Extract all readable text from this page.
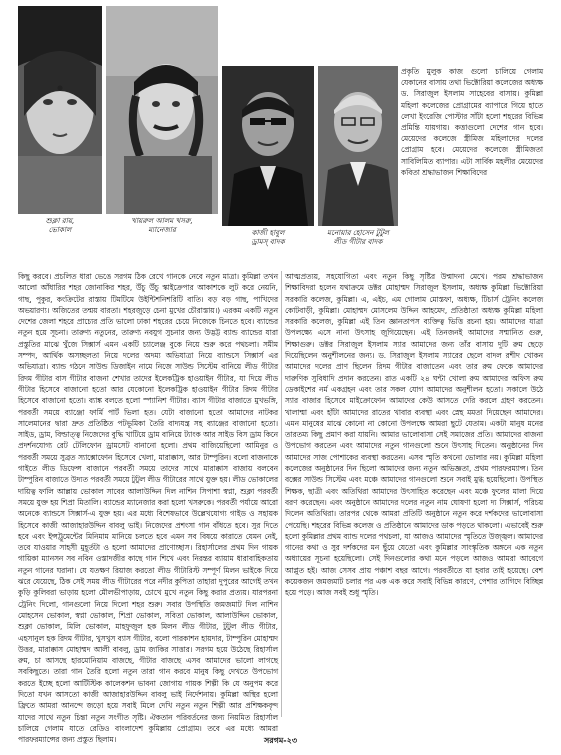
শুক্লা রায়,
ভোকাল
খায়রুল আলম খসরু,
ম্যানেজার	কাজী হাবুল
ড্রামস্ বাদক
মনোয়ার হোসেন টুটুল
লীড গীটার বাদক

প্রকৃতি মুলুক কাজ গুলো চালিয়ে গেলাম যেকানের বাসায় তথা ভিক্টোরিয়া কলেজের অধ্যক্ষ ড. সিরাজুল ইসলাম সাহেবের বাসায়। কুমিল্লা মহিলা কলেজের প্রোগ্রামের ব্যাপারে গিয়ে হাতে লেখা ইংরেজি পোস্টার সাঁটা হলো শহরের বিভিন্ন প্রমিন্তি যায়গায়। কত্তাগুলো দেশের গান হবে। মেয়েদের কলেজে স্ত্রীমিজ মহিলাদের দলের প্রোগ্রাম হবে। মেয়েদের কলেজে স্ত্রীমিজতা সাবিলিমিত ব্যাপার। এটা সার্বিক মহলীর মেয়েদের কবিতা শ্রদ্ধাভাজন শিক্ষাবিদের

কিছু করবে। প্রচলিত ধারা ভেঙে সরগম ঠিক রেখে গানকে নেবে নতুন মাত্রা। কুমিল্লা তখন আলো আঁধারির শহর জোনাকির শহর, উঁচু উঁচু স্কাইক্রেপার আকাশকে লুট করে নেয়নি, গাছ, পুকুর, কংক্রিটের রাস্তায় টিমটিমে উইন্টিশনিশরিটি বাতি। বড় বড় গাছ, পাখিদের অভয়ারণ্য। অজিতের তন্ময় বারতা। শহরজুড়ে চেনা মুখের চৌরাস্তায়।) এরকম একটি নতুন দেশের জেলা শহরে প্রাচ্যের প্রতি ভালো ঢাকা শহরের চেয়ে নিজেকে চিনতে হবে। ব্যান্ডের নতুন হয়ে সূচনা। তারুণ্য নতুনের, তারুণ্য নবযুগ সুচনার জন্য উদ্ভট্ট ব্যান্ড ব্যান্ডের যারা প্রস্তুতির মাঝে খুঁজে সিক্সার্স এমন একটি চ্যালেঞ্জ বুকে নিয়ে শুরু করে পথচলা। সমীম সম্পদ, আর্থিক অসচ্ছলতা নিয়ে দলের অদম্য অভিযাত্রা নিয়ে ব্যান্ডসে সিক্সার্স এর অভিযাত্রা। ব্যান্ড গঠনে সাউন্ড ডিজাইন নামে নিজে সাউন্ড সিস্টেম বানিয়ে লীড গীটার রিদম গীটার বাস গীটার বাজনা শেখার তাদের ইলেকট্রিক হাওয়াইন গীটার, যা দিয়ে লীড গীটার হিসেবে বাজানো হতো আর যেকোনো ইলেকট্রিক হাওয়াইন গীটার রিদম গীটার হিসেবে বাজানো হতো। ব্যাঙ্ক বলতে হলো স্প্যানিশ গীটার। ব্যাস গীটার বাজাতে মুখভঙ্গি, পরবর্তী সময়ে ব্যাঞ্জো ফার্মি পার্ট ভিলা হত। যেটা বাজানো হতো আমাদের নাটকর সালেমানের দ্বারা দ্রুত প্রতিষ্ঠিত পটভূমিকা তৈরি বাদ্যযন্ত্র সহ ব্যাঞ্জের বাজানো হতো। সাইড, ড্রাম, বিল্ডাত্ত্ব নিজেদের বুদ্ধি খাটিয়ে ড্রাম বানিয়ে ট্যাংক আর সাইড বিস ড্রাম কিনে প্রদর্শনযোগ্য রেট টেলিফোন ড্রামসেট বানানো হলো। প্রথম বাজিয়েছিলো আমিনুর ও পরবর্তী সময়ে সুব্রত স্যাক্সোফোন হিসেবে খেলা, মারাক্কাস, আর টাম্পুরিন। বলো বাজনাকে গাইতে লীড ডিফেন্স বাজানে পরবর্তী সময়ে তাদের সাথে মারাক্কাস বাজায় বলবেন টাম্পুরিন বাজাতে উদ্যত পরবর্তী সময়ে টুটুল লীড গীটারের সাথে যুক্ত হয়। লীড ভোকালের দায়িত্ব ফালি আল্লায় ভোকাল সাবের আলাউদ্দিন দিল নাশিন সিপাশা স্বপ্না, শুক্লা পরবর্তী সময়ে যুক্ত হয় শিপ্রা মিতালি। ব্যান্ডের ম্যানেজার করা হলো খসরুকে। পরবর্তী পর্যায়ে আরো অনেকে ব্যান্ডসে সিক্সার্স-এ যুক্ত হয়। এর মধ্যে বিশেষভাবে উল্লেখযোগ্য গাইড ও সহায়ক হিসেবে কাজী আজাহারউদ্দিন বাবলু ভাই। নিজেদের প্রশংসা গান বাঁধতে হবে। সুর দিতে হবে এবং ইন্সট্রুমেন্টের মিনিমাম মানিয়ে চলতে হবে এমন সব বিষয়ে কারাতে যেমন নেই, তবে যাওয়ার সাহসী মুহূর্তটা ও হলো আমাদের প্রাণোচ্ছাস। রিহার্সালের প্রথম দিন গায়ক গায়িকা ম্যানসন সব নবিন ওস্তাদজীর কাছে গান শিখে এবং নিরন্তর ব্যায়াম ধারাবাহিকতায় নতুন গানের ঘরানা। যে যতক্ষণ রিয়াজ করতো লীড গীটারিস্ট সম্পূর্ণ মিলন ভাইকে দিয়ে ঝরে যেয়েছে, ঠিক সেই সময় লীড গীটারের পরে নদীর কুপিতা তাহারা দুপুরের আগেই তখন কুড়ি কুলিবরা ভাড়ায় হলো মৌলভীপাড়ায়, চোখে মুখে নতুন কিছু করার প্রত্যয়। যারপরনা ট্রেনিং দিলো, গানগুলো নিয়ে দিলো শহর শুরু। সবার উপস্থিতি জমজমাট দিল নাশিন মোহসেন ভোকাল, স্বপ্না ভোকাল, শিপ্রা ভোকাল, সবিতা ভোকাল, আলাউদ্দিন ভোকাল, শুক্লা ভোকাল, মিলি ভোকাল, মাহফুজুল হক মিলন লীড গীটার, টুটুল লীড গীটার, এহসানুল হক রিদম গীটার, খুসখুস ব্যাস গীটার, বলো পারকাশন হায়দার, টাম্পুরিন মোহাম্মদ উত্তর, মারাক্কাস মোহাম্মদ আলী বাবলু, ড্রাম জাকির সাত্তার। সরগম হয়ে উঠেছে রিহার্সাল রুম, চা আসছে হারমোনিয়াম বাজছে, গীটার বাজছে এসব আমাদের ভালো লাগছে সবকিছুতে। তারা গান তৈরি হলো নতুন তারা গান করবে মানুষ কিছু দেখতে উপভোগ করতে ইচ্ছে হলো আর্টিস্টিক কালেকশন ভাবনা জোগায় গায়ক শিল্পী কি যে অনুপম করে দিতো যখন আসতো কাজী আজাহারউদ্দিন বাবলু ভাই নির্দেশনায়। কুমিল্লা অস্থির হলো ফ্রিতে আমরা আনন্দে জড়ো হয়ে সবাই মিলে দেখি নতুন নতুন শিল্পী আর প্রশিক্ষকবৃন্দ যাদের সাথে নতুন চিন্তা নতুন সংগীত সৃষ্টি। ঐকতান পরিবর্তনের জন্য নিয়মিত রিহার্সাল চালিয়ে গেলাম যাতে রেডিও বাংলাদেশ কুমিল্লায় প্রোগ্রাম। তবে এর মধ্যে আমরা পারফরম্যান্সের জন্য প্রস্তুত ছিলাম।

আত্মপ্রত্যয়, সহযোগিতা এবং নতুন কিছু সৃষ্টির উন্মাদনা মেখে। পরম শ্রদ্ধাভাজন শিক্ষাবিদরা হলেন যথাক্রমে ডক্টর মোহাম্মদ সিরাজুল ইসলাম, অধ্যক্ষ কুমিল্লা ভিক্টোরিয়া সরকারি কলেজ, কুমিল্লা। এ, এইচ, এম গোলাম মোস্তফা, অধ্যক্ষ, টিচার্স ট্রেনিং কলেজ কোটবাড়ী, কুমিল্লা। মোহাম্মদ মোসলেম উদ্দিন আহমেদ, প্রতিষ্ঠাতা অধ্যক্ষ কুমিল্লা মহিলা সরকারি কলেজ, কুমিল্লা এই তিন জ্ঞানতাপস ব্যক্তিত্ব ভিত্তি রচনা হয়। আমাদের যাত্রা উপলক্ষ্যে এসে নানা উৎসাহ জুগিয়েছেন। এই তিনজনই আমাদের সম্মানিত গুরু, শিক্ষাগুরু। ডক্টর সিরাজুল ইসলাম স্যার আমাদের জন্য তাঁর বাসায় দুটি রুম ছেড়ে দিয়েছিলেন অনুশীলনের জন্য। ড. সিরাজুল ইসলাম স্যারের ছেলে বাদল রশীদ খোকন আমাদের দলের প্রাণ ছিলেন রিদম গীটার বাজাতেন এবং তার রুম ফেকে আমাদের দারুণিক সুবিধাদি প্রদান করতেন। রাত একটি ২৪ ঘন্টা খোলা রুম আমাদের অফিস রুম ডেকাইশের নর্ম একগ্রহন এবং তার সকল যোগ আমাদের অনুশীলন হতো। সকালে উঠে স্যার বাজার হিসেবে মাইক্রোফোন আমাদের কেউ আসতে দেরি করলে গ্রহণ করতেন। খালাম্মা এবং হাঁটা আমাদের রাতের খাবার ব্যবস্থা এবং স্নেহ মমতা দিয়েছেন আমাদের। এমন মানুষের মাঝে কোনো না কোনো উপলক্ষে আমরা ছুটে যেতাম। একটা মানুষ মনের তারতম্য কিছু প্রমাণ করা যায়নি। আমার ভালোবাসা সেই সমাজের প্রতি। আমাদের বাজনা উপভোগ করতেন এবং আমাদের নতুন গানগুলো শুনে উৎসাহ দিতেন। অনুষ্ঠানের দিন আমাদের সাজ পোশাকের ব্যবস্থা করতেন। এসব স্মৃতি কখনো ভোলার নয়। কুমিল্লা মহিলা কলেজের অনুষ্ঠানের দিন ছিলো আমাদের জন্য নতুন অভিজ্ঞতা, প্রথম পারফরম্যান্স। তিন বক্সের সাউন্ড সিস্টেম এবং মঞ্চে আমাদের গানগুলো শুনে সবাই মুগ্ধ হয়েছিলো। উপস্থিত শিক্ষক, ছাত্রী এবং অতিথিরা আমাদের উৎসাহিত করেছেন এবং মঞ্চে ফুলের মালা দিয়ে বরণ করেছেন। এবং অনুষ্ঠানে আমাদের দলের নতুন নাম ঘোষণা হলো দ্য সিক্সার্স, পরিচয় দিলেন অতিথিরা। তারপর থেকে আমরা প্রতিটি অনুষ্ঠানে নতুন করে দর্শকদের ভালোবাসা পেয়েছি। শহরের বিভিন্ন কলেজ ও প্রতিষ্ঠানে আমাদের ডাক পড়তে থাকলো। এভাবেই শুরু হলো কুমিল্লার প্রথম ব্যান্ড দলের পথচলা, যা আজও আমাদের স্মৃতিতে উজ্জ্বল। আমাদের গানের কথা ও সুর দর্শকদের মন ছুঁয়ে যেতো এবং কুমিল্লার সাংস্কৃতিক অঙ্গনে এক নতুন অধ্যায়ের সূচনা হয়েছিলো। সেই দিনগুলোর কথা মনে পড়লে আজও আমরা আবেগে আপ্লুত হই। আজ সেসব প্রায় পঞ্চাশ বছর আগে। পরবর্তীতে যা হবার তাই হয়েছে। বেশ কয়েকজন জমজমাট চলার পর এক এক করে সবাই বিভিন্ন কারণে, পেশার তাগিদে বিচ্ছিন্ন হয়ে পড়ে। আজ সবই শুধু স্মৃতি।

সরগম-২৩
